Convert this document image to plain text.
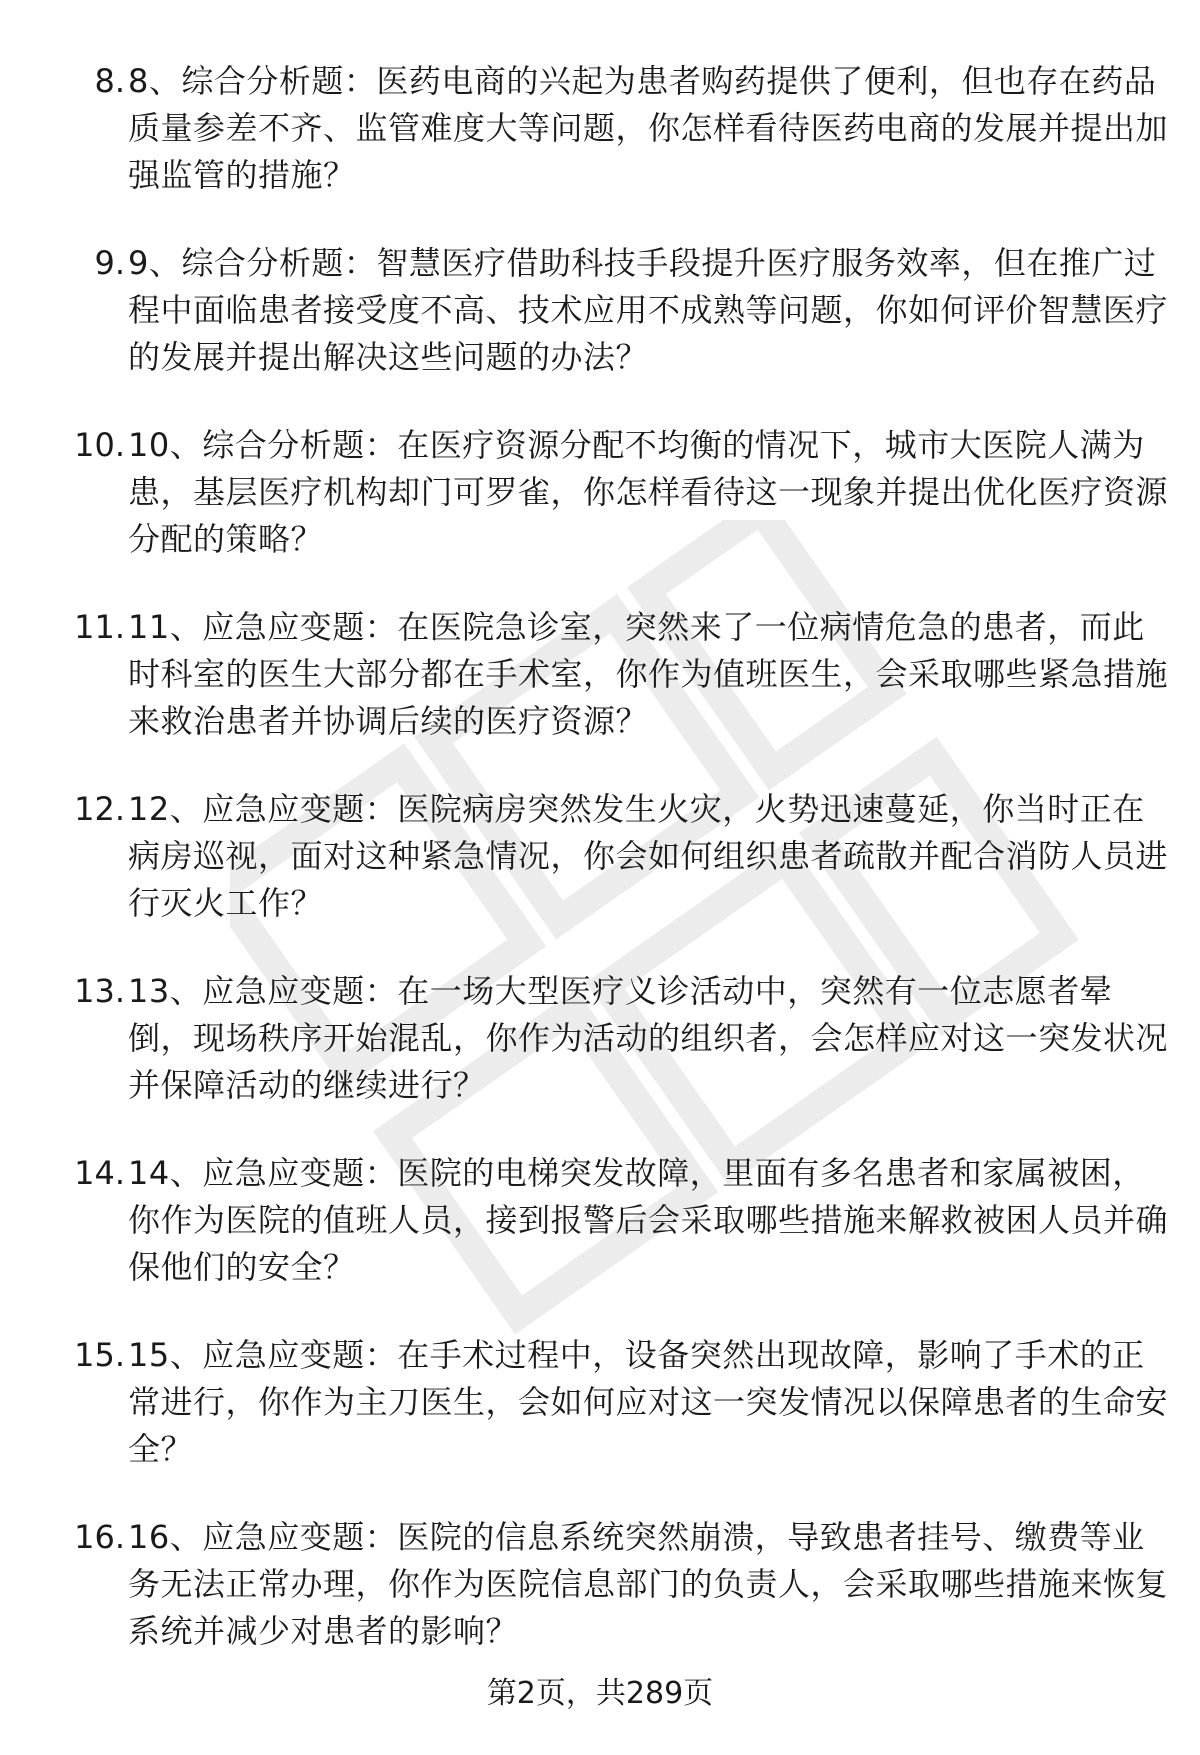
8. 8、综合分析题：医药电商的兴起为患者购药提供了便利，但也存在药品质量参差不齐、监管难度大等问题，你怎样看待医药电商的发展并提出加强监管的措施？
9. 9、综合分析题：智慧医疗借助科技手段提升医疗服务效率，但在推广过程中面临患者接受度不高、技术应用不成熟等问题，你如何评价智慧医疗的发展并提出解决这些问题的办法？
10. 10、综合分析题：在医疗资源分配不均衡的情况下，城市大医院人满为患，基层医疗机构却门可罗雀，你怎样看待这一现象并提出优化医疗资源分配的策略？
11. 11、应急应变题：在医院急诊室，突然来了一位病情危急的患者，而此时科室的医生大部分都在手术室，你作为值班医生，会采取哪些紧急措施来救治患者并协调后续的医疗资源？
12. 12、应急应变题：医院病房突然发生火灾，火势迅速蔓延，你当时正在病房巡视，面对这种紧急情况，你会如何组织患者疏散并配合消防人员进行灭火工作？
13. 13、应急应变题：在一场大型医疗义诊活动中，突然有一位志愿者晕倒，现场秩序开始混乱，你作为活动的组织者，会怎样应对这一突发状况并保障活动的继续进行？
14. 14、应急应变题：医院的电梯突发故障，里面有多名患者和家属被困，你作为医院的值班人员，接到报警后会采取哪些措施来解救被困人员并确保他们的安全？
15. 15、应急应变题：在手术过程中，设备突然出现故障，影响了手术的正常进行，你作为主刀医生，会如何应对这一突发情况以保障患者的生命安全？
16. 16、应急应变题：医院的信息系统突然崩溃，导致患者挂号、缴费等业务无法正常办理，你作为医院信息部门的负责人，会采取哪些措施来恢复系统并减少对患者的影响？
第2页，共289页
